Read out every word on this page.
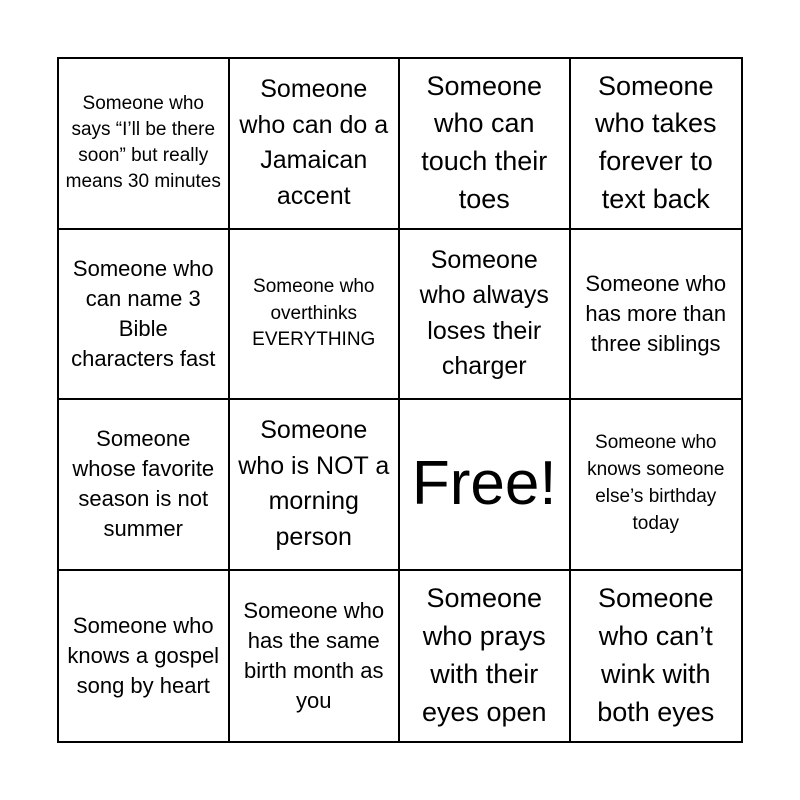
Someone who says “I’ll be there soon” but really means 30 minutes
Someone who can do a Jamaican accent
Someone who can touch their toes
Someone who takes forever to text back
Someone who can name 3 Bible characters fast
Someone who overthinks EVERYTHING
Someone who always loses their charger
Someone who has more than three siblings
Someone whose favorite season is not summer
Someone who is NOT a morning person
Free!
Someone who knows someone else’s birthday today
Someone who knows a gospel song by heart
Someone who has the same birth month as you
Someone who prays with their eyes open
Someone who can’t wink with both eyes
